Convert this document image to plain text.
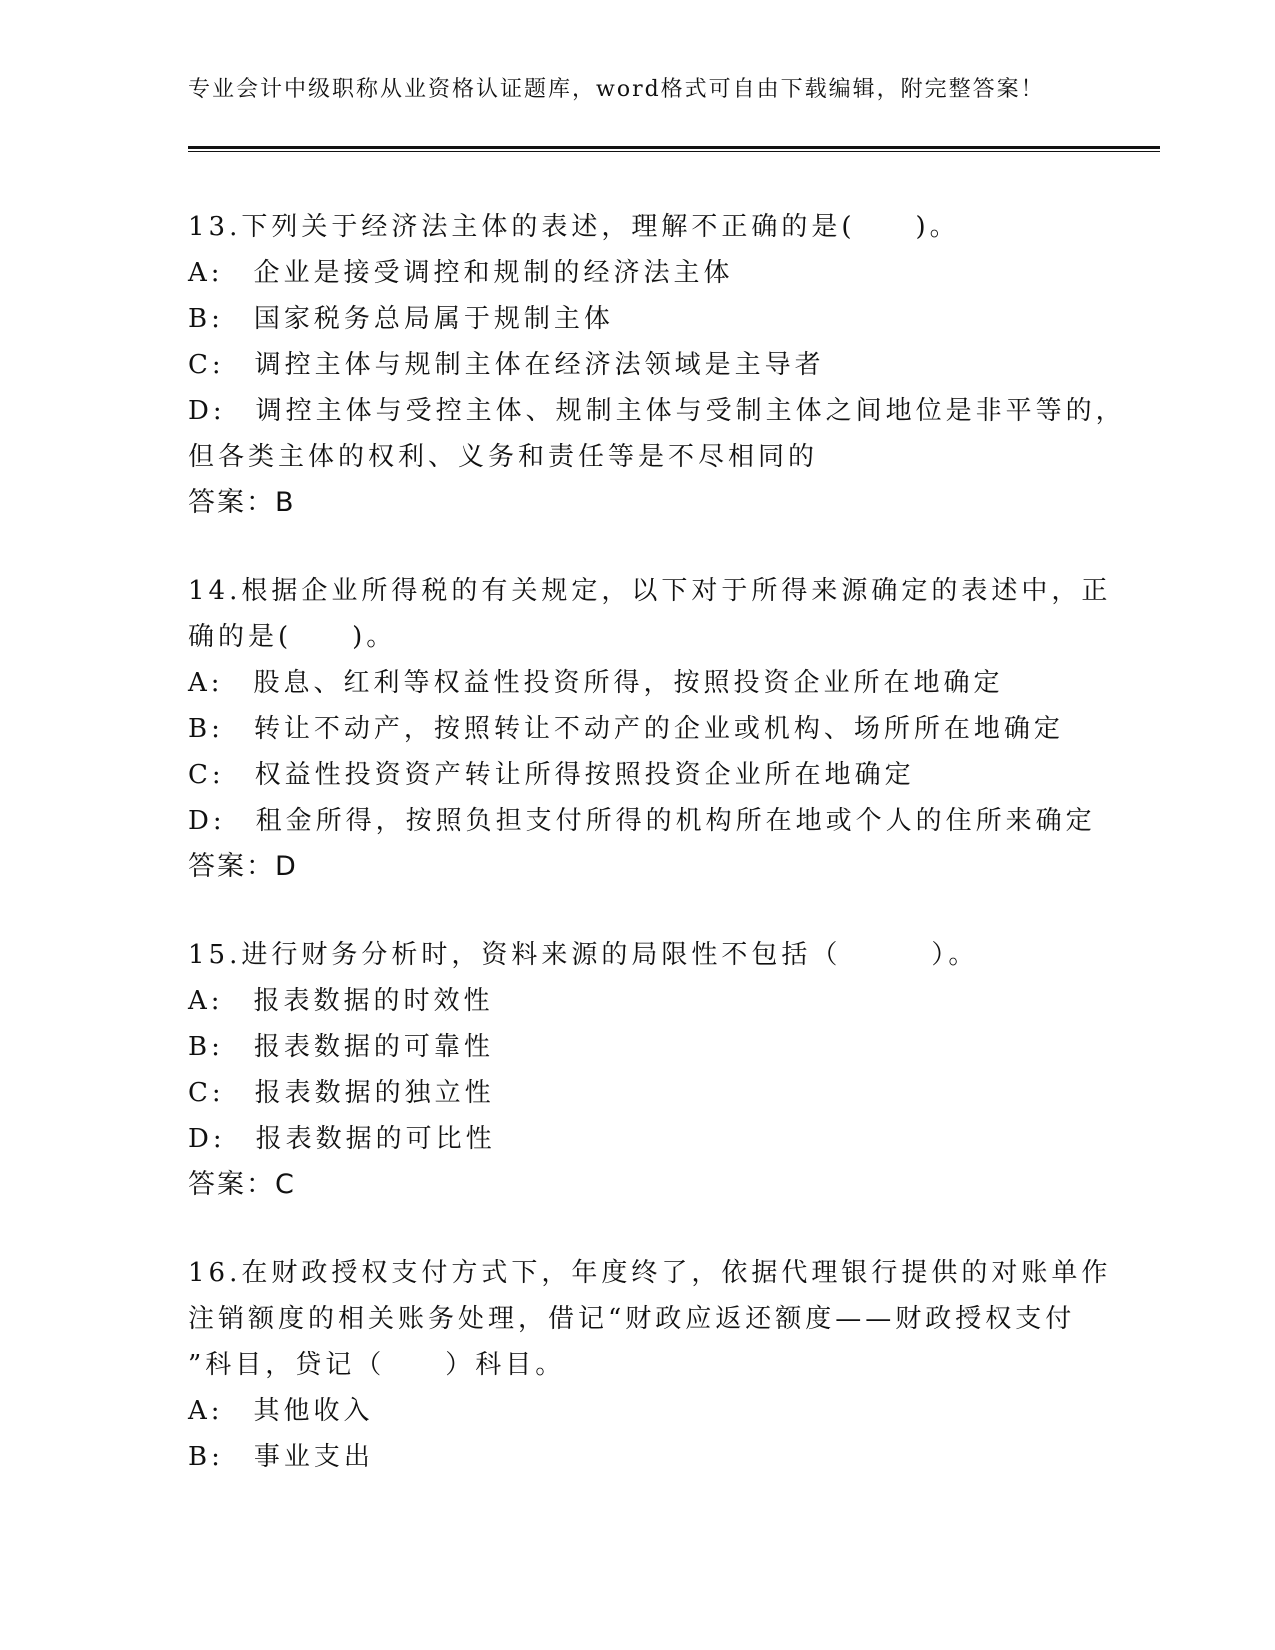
专业会计中级职称从业资格认证题库，word格式可自由下载编辑，附完整答案！
13.下列关于经济法主体的表述，理解不正确的是(　　)。
A:　企业是接受调控和规制的经济法主体
B:　国家税务总局属于规制主体
C:　调控主体与规制主体在经济法领域是主导者
D:　调控主体与受控主体、规制主体与受制主体之间地位是非平等的，
但各类主体的权利、义务和责任等是不尽相同的
答案：B
14.根据企业所得税的有关规定，以下对于所得来源确定的表述中，正
确的是(　　)。
A:　股息、红利等权益性投资所得，按照投资企业所在地确定
B:　转让不动产，按照转让不动产的企业或机构、场所所在地确定
C:　权益性投资资产转让所得按照投资企业所在地确定
D:　租金所得，按照负担支付所得的机构所在地或个人的住所来确定
答案：D
15.进行财务分析时，资料来源的局限性不包括（　　　）。
A:　报表数据的时效性
B:　报表数据的可靠性
C:　报表数据的独立性
D:　报表数据的可比性
答案：C
16.在财政授权支付方式下，年度终了，依据代理银行提供的对账单作
注销额度的相关账务处理，借记“财政应返还额度——财政授权支付
”科目，贷记（　　）科目。
A:　其他收入
B:　事业支出
